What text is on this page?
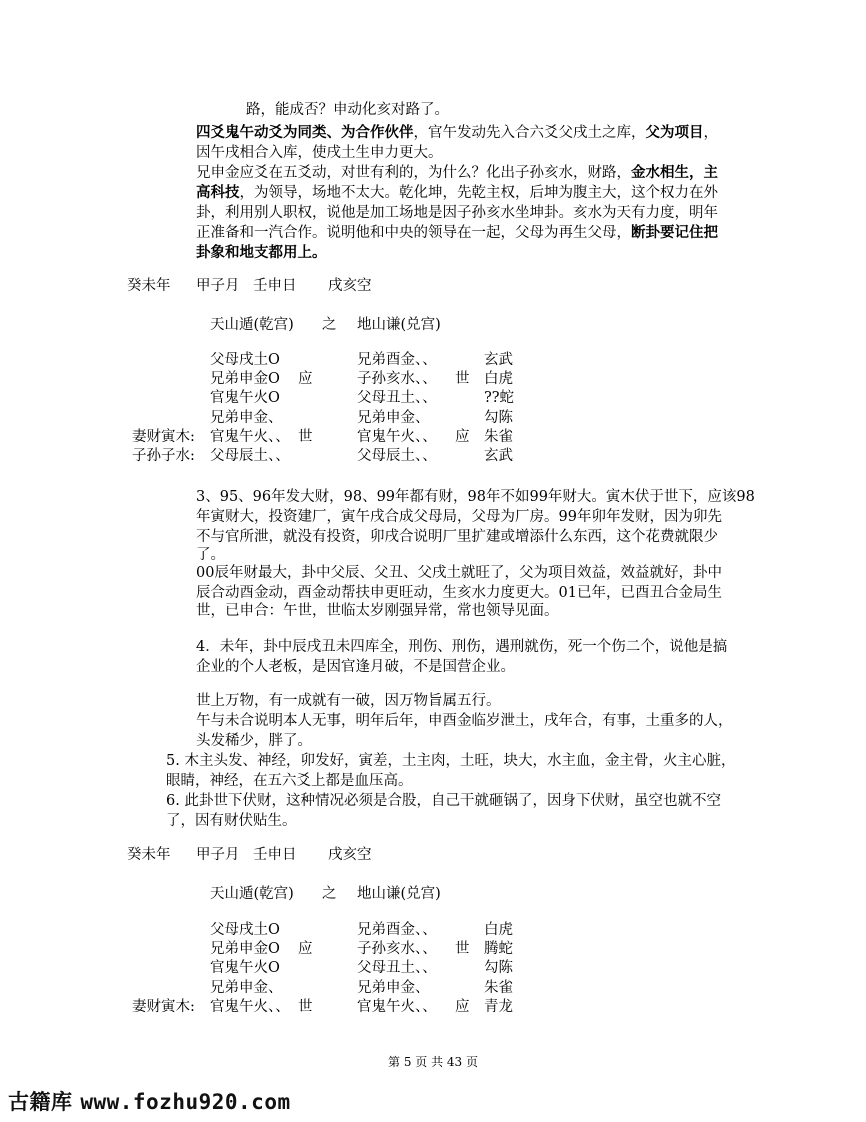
路，能成否？申动化亥对路了。
四爻鬼午动爻为同类、为合作伙伴，官午发动先入合六爻父戌土之库，父为项目，
因午戌相合入库，使戌土生申力更大。
兄申金应爻在五爻动，对世有利的，为什么？化出子孙亥水，财路，金水相生，主
高科技，为领导，场地不太大。乾化坤，先乾主权，后坤为腹主大，这个权力在外
卦，利用别人职权，说他是加工场地是因子孙亥水坐坤卦。亥水为天有力度，明年
正准备和一汽合作。说明他和中央的领导在一起，父母为再生父母，断卦要记住把
卦象和地支都用上。
癸未年 甲子月 壬申日 戌亥空
天山遁(乾宫) 之 地山谦(兑宫)
父母戌土O	兄弟酉金、、	玄武
兄弟申金O 应	子孙亥水、、 世 白虎
官鬼午火O	父母丑土、、	??蛇
兄弟申金、	兄弟申金、	勾陈
妻财寅木: 官鬼午火、、 世	官鬼午火、、 应 朱雀
子孙子水: 父母辰土、、	父母辰土、、	玄武
3、95、96年发大财，98、99年都有财，98年不如99年财大。寅木伏于世下，应该98
年寅财大，投资建厂，寅午戌合成父母局，父母为厂房。99年卯年发财，因为卯先
不与官所泄，就没有投资，卯戌合说明厂里扩建或增添什么东西，这个花费就限少
了。
00辰年财最大，卦中父辰、父丑、父戌土就旺了，父为项目效益，效益就好，卦中
辰合动酉金动，酉金动帮扶申更旺动，生亥水力度更大。01已年，已酉丑合金局生
世，已申合：午世，世临太岁刚强异常，常也领导见面。
4．未年，卦中辰戌丑未四库全，刑伤、刑伤，遇刑就伤，死一个伤二个，说他是搞
企业的个人老板，是因官逢月破，不是国营企业。
世上万物，有一成就有一破，因万物旨属五行。
午与未合说明本人无事，明年后年，申酉金临岁泄土，戌年合，有事，土重多的人，
头发稀少，胖了。
5. 木主头发、神经，卯发好，寅差，土主肉，土旺，块大，水主血，金主骨，火主心脏，
眼睛，神经，在五六爻上都是血压高。
6. 此卦世下伏财，这种情况必须是合股，自己干就砸锅了，因身下伏财，虽空也就不空
了，因有财伏贴生。
癸未年 甲子月 壬申日 戌亥空
天山遁(乾宫) 之 地山谦(兑宫)
父母戌土O	兄弟酉金、、	白虎
兄弟申金O 应	子孙亥水、、 世 腾蛇
官鬼午火O	父母丑土、、	勾陈
兄弟申金、	兄弟申金、	朱雀
妻财寅木: 官鬼午火、、 世	官鬼午火、、 应 青龙
第 5 页 共 43 页
古籍库 www.fozhu920.com
